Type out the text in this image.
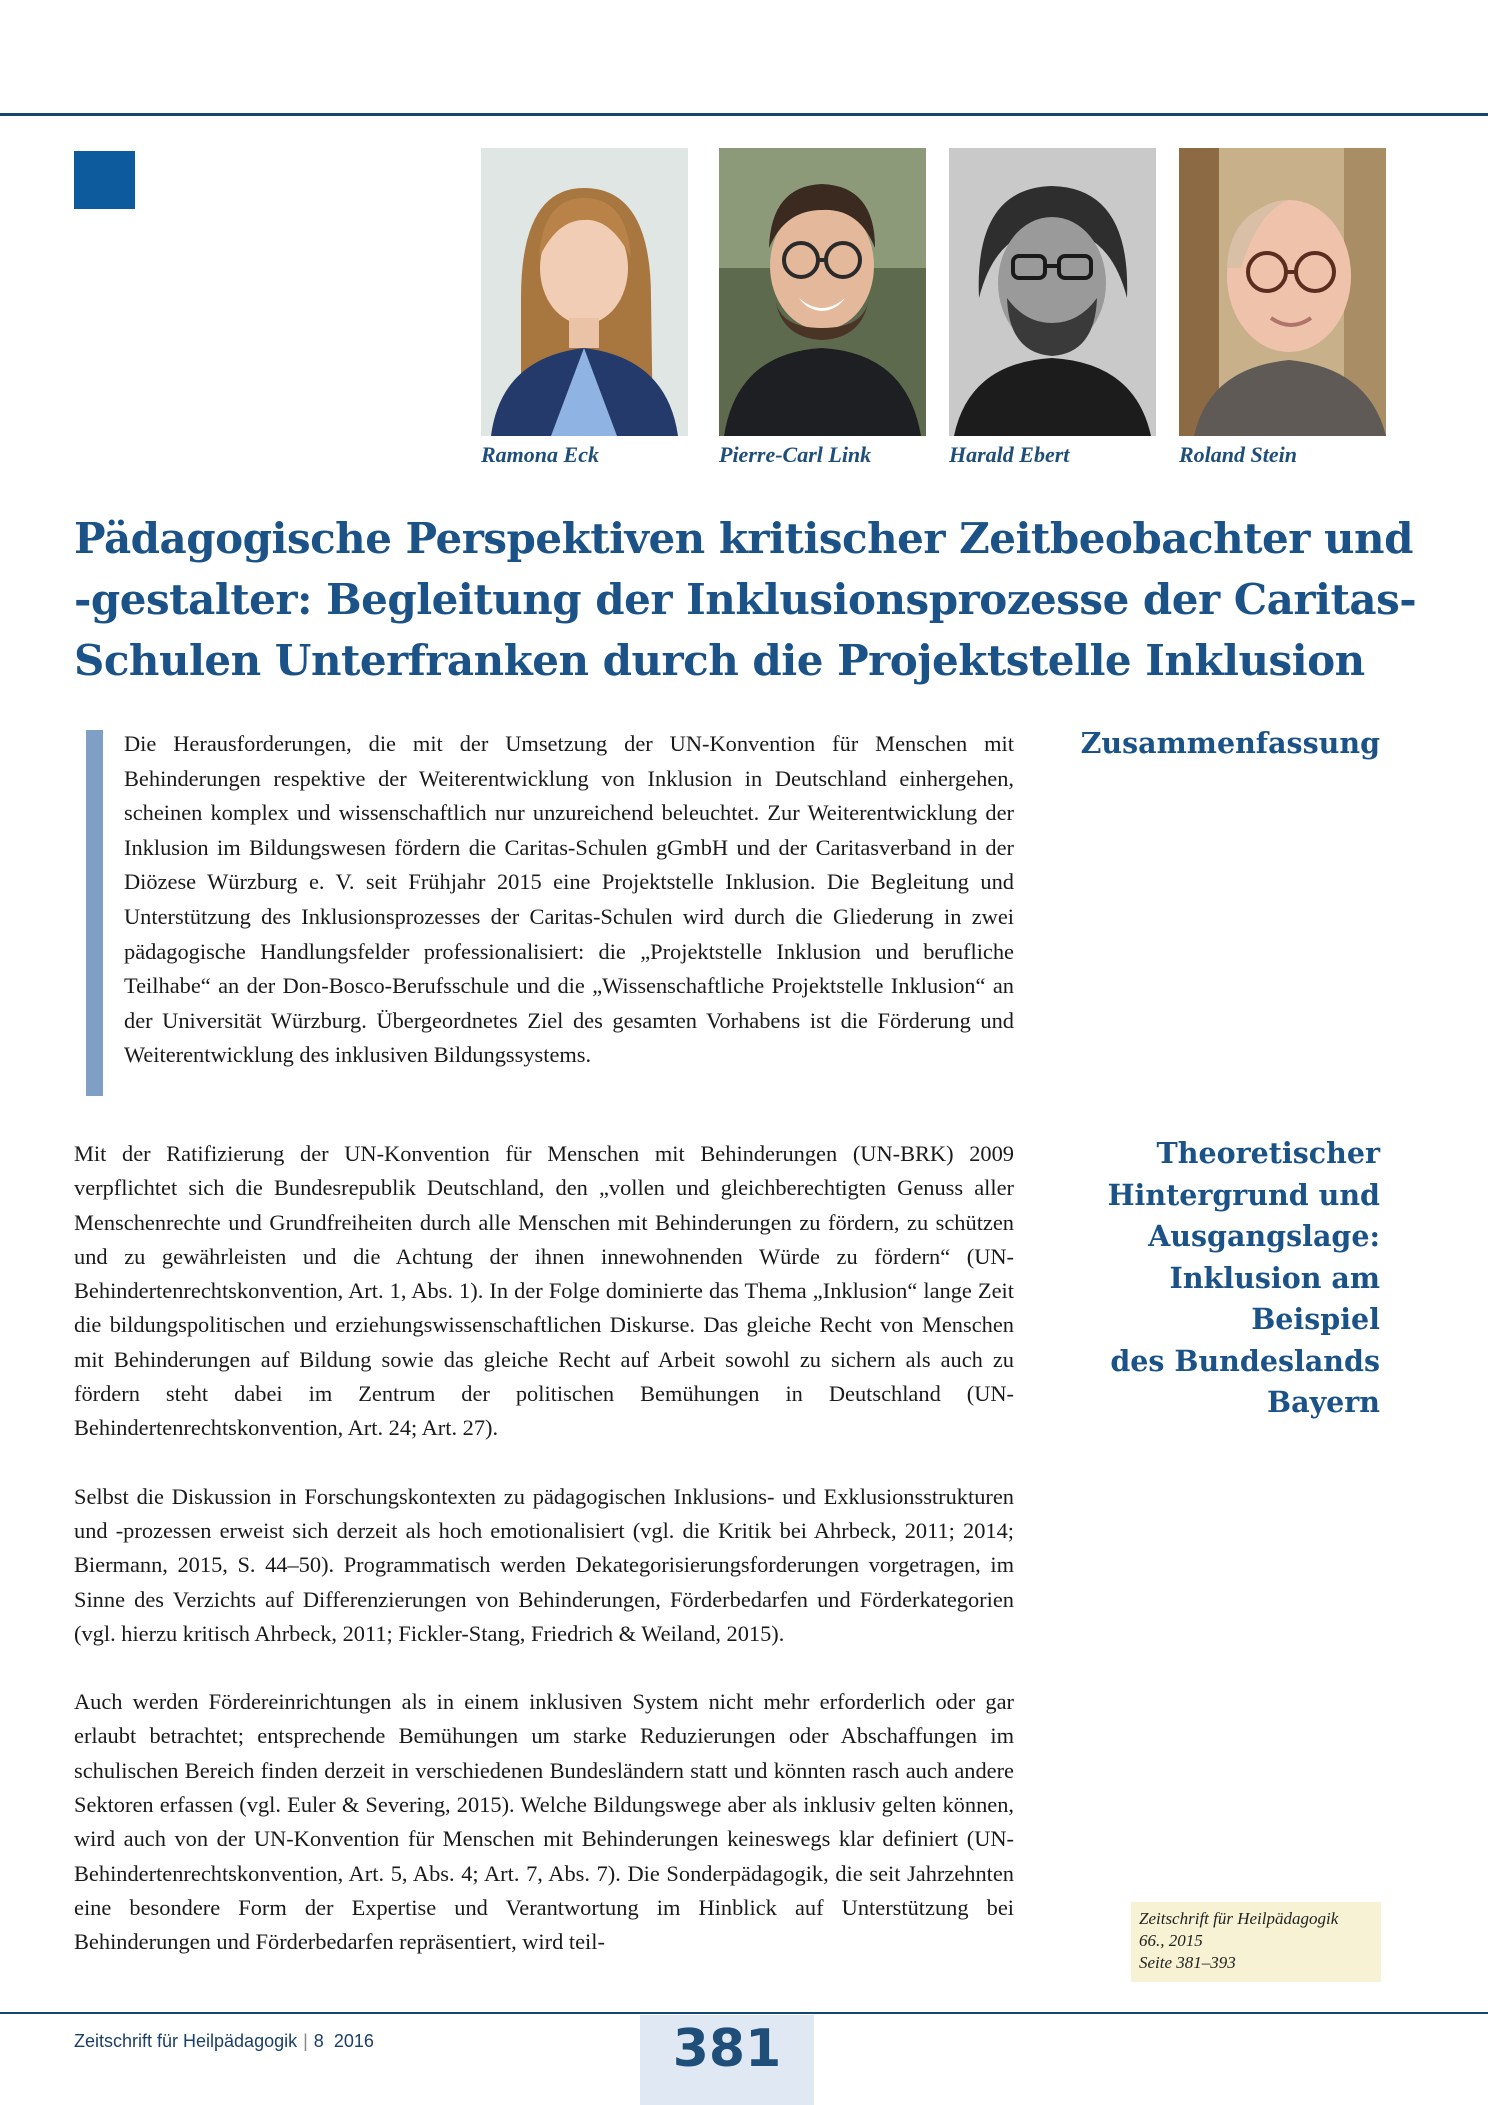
Ramona Eck	Pierre-Carl Link	Harald Ebert	Roland Stein
Pädagogische Perspektiven kritischer Zeitbeobachter und
-gestalter: Begleitung der Inklusionsprozesse der Caritas-
Schulen Unterfranken durch die Projektstelle Inklusion

Die Herausforderungen, die mit der Umsetzung der UN-Konvention für Menschen mit Behinderungen respektive der Weiterentwicklung von Inklusion in Deutschland einhergehen, scheinen komplex und wissenschaftlich nur unzureichend beleuchtet. Zur Weiterentwicklung der Inklusion im Bildungswesen fördern die Caritas-Schulen gGmbH und der Caritasverband in der Diözese Würzburg e. V. seit Frühjahr 2015 eine Projektstelle Inklusion. Die Begleitung und Unterstützung des Inklusionsprozesses der Caritas-Schulen wird durch die Gliederung in zwei pädagogische Handlungsfelder professionalisiert: die „Projektstelle Inklusion und berufliche Teilhabe“ an der Don-Bosco-Berufsschule und die „Wissenschaftliche Projektstelle Inklusion“ an der Universität Würzburg. Übergeordnetes Ziel des gesamten Vorhabens ist die Förderung und Weiterentwicklung des inklusiven Bildungssystems.

Zusammenfassung
Theoretischer
Hintergrund und
Ausgangslage:
Inklusion am Beispiel
des Bundeslands Bayern

Mit der Ratifizierung der UN-Konvention für Menschen mit Behinderungen (UN-BRK) 2009 verpflichtet sich die Bundesrepublik Deutschland, den „vollen und gleichberechtigten Genuss aller Menschenrechte und Grundfreiheiten durch alle Menschen mit Behinderungen zu fördern, zu schützen und zu gewährleisten und die Achtung der ihnen innewohnenden Würde zu fördern“ (UN-Behindertenrechtskonvention, Art. 1, Abs. 1). In der Folge dominierte das Thema „Inklusion“ lange Zeit die bildungspolitischen und erziehungswissenschaftlichen Diskurse. Das gleiche Recht von Menschen mit Behinderungen auf Bildung sowie das gleiche Recht auf Arbeit sowohl zu sichern als auch zu fördern steht dabei im Zentrum der politischen Bemühungen in Deutschland (UN-Behindertenrechtskonvention, Art. 24; Art. 27).

Selbst die Diskussion in Forschungskontexten zu pädagogischen Inklusions- und Exklusionsstrukturen und -prozessen erweist sich derzeit als hoch emotionalisiert (vgl. die Kritik bei Ahrbeck, 2011; 2014; Biermann, 2015, S. 44–50). Programmatisch werden Dekategorisierungsforderungen vorgetragen, im Sinne des Verzichts auf Differenzierungen von Behinderungen, Förderbedarfen und Förderkategorien (vgl. hierzu kritisch Ahrbeck, 2011; Fickler-Stang, Friedrich & Weiland, 2015).

Auch werden Fördereinrichtungen als in einem inklusiven System nicht mehr erforderlich oder gar erlaubt betrachtet; entsprechende Bemühungen um starke Reduzierungen oder Abschaffungen im schulischen Bereich finden derzeit in verschiedenen Bundesländern statt und könnten rasch auch andere Sektoren erfassen (vgl. Euler & Severing, 2015). Welche Bildungswege aber als inklusiv gelten können, wird auch von der UN-Konvention für Menschen mit Behinderungen keineswegs klar definiert (UN-Behindertenrechtskonvention, Art. 5, Abs. 4; Art. 7, Abs. 7). Die Sonderpädagogik, die seit Jahrzehnten eine besondere Form der Expertise und Verantwortung im Hinblick auf Unterstützung bei Behinderungen und Förderbedarfen repräsentiert, wird teil-

Zeitschrift für Heilpädagogik
66., 2015
Seite 381–393
Zeitschrift für Heilpädagogik | 8 2016	381
